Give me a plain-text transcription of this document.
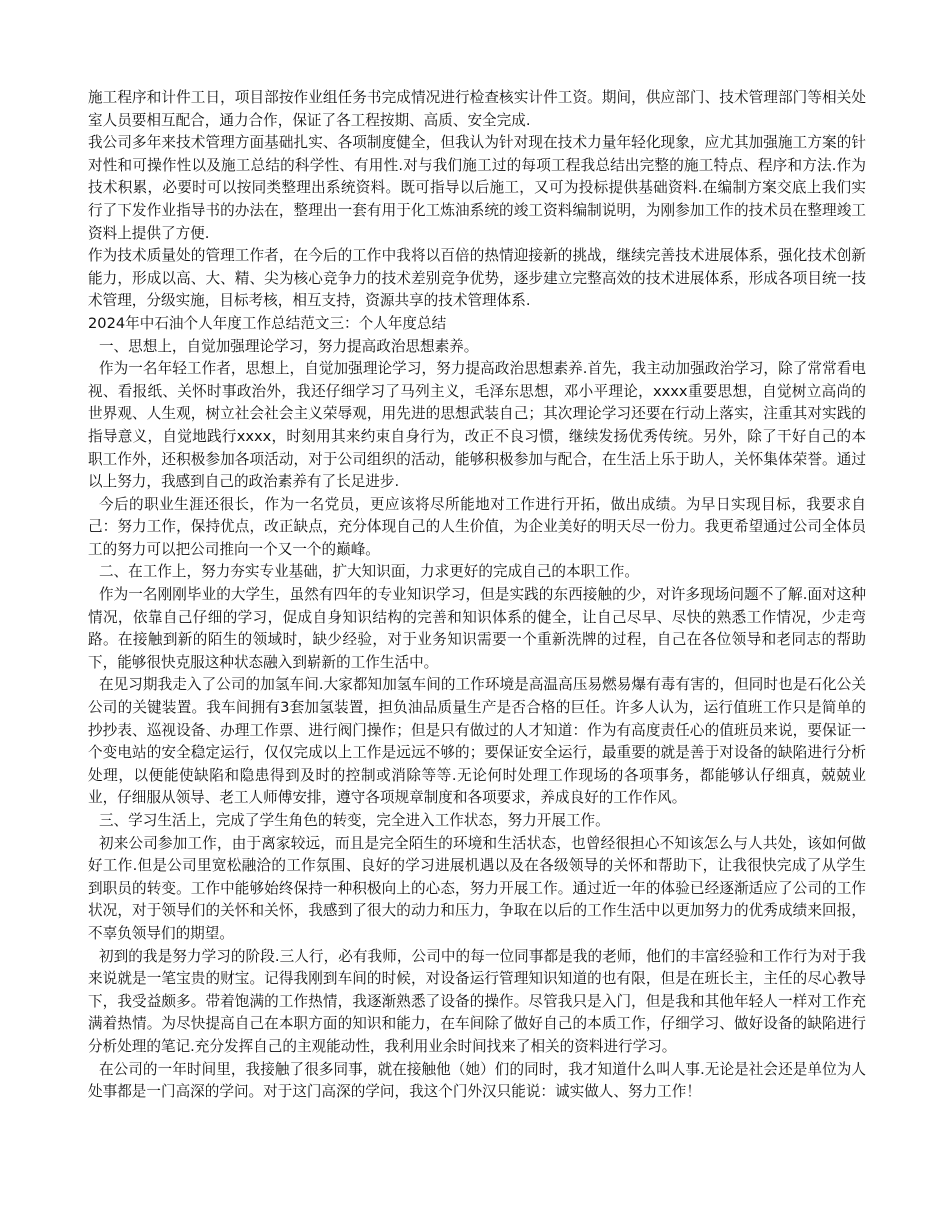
施工程序和计件工日，项目部按作业组任务书完成情况进行检查核实计件工资。期间，供应部门、技术管理部门等相关处室人员要相互配合，通力合作，保证了各工程按期、高质、安全完成.

我公司多年来技术管理方面基础扎实、各项制度健全，但我认为针对现在技术力量年轻化现象，应尤其加强施工方案的针对性和可操作性以及施工总结的科学性、有用性.对与我们施工过的每项工程我总结出完整的施工特点、程序和方法.作为技术积累，必要时可以按同类整理出系统资料。既可指导以后施工，又可为投标提供基础资料.在编制方案交底上我们实行了下发作业指导书的办法在，整理出一套有用于化工炼油系统的竣工资料编制说明，为刚参加工作的技术员在整理竣工资料上提供了方便.

作为技术质量处的管理工作者，在今后的工作中我将以百倍的热情迎接新的挑战，继续完善技术进展体系，强化技术创新能力，形成以高、大、精、尖为核心竞争力的技术差别竞争优势，逐步建立完整高效的技术进展体系，形成各项目统一技术管理，分级实施，目标考核，相互支持，资源共享的技术管理体系.

2024年中石油个人年度工作总结范文三：个人年度总结

一、思想上，自觉加强理论学习，努力提高政治思想素养。

作为一名年轻工作者，思想上，自觉加强理论学习，努力提高政治思想素养.首先，我主动加强政治学习，除了常常看电视、看报纸、关怀时事政治外，我还仔细学习了马列主义，毛泽东思想，邓小平理论，xxxx重要思想，自觉树立高尚的世界观、人生观，树立社会社会主义荣辱观，用先进的思想武装自己；其次理论学习还要在行动上落实，注重其对实践的指导意义，自觉地践行xxxx，时刻用其来约束自身行为，改正不良习惯，继续发扬优秀传统。另外，除了干好自己的本职工作外，还积极参加各项活动，对于公司组织的活动，能够积极参加与配合，在生活上乐于助人，关怀集体荣誉。通过以上努力，我感到自己的政治素养有了长足进步.

今后的职业生涯还很长，作为一名党员，更应该将尽所能地对工作进行开拓，做出成绩。为早日实现目标，我要求自己：努力工作，保持优点，改正缺点，充分体现自己的人生价值，为企业美好的明天尽一份力。我更希望通过公司全体员工的努力可以把公司推向一个又一个的巅峰。

二、在工作上，努力夯实专业基础，扩大知识面，力求更好的完成自己的本职工作。

作为一名刚刚毕业的大学生，虽然有四年的专业知识学习，但是实践的东西接触的少，对许多现场问题不了解.面对这种情况，依靠自己仔细的学习，促成自身知识结构的完善和知识体系的健全，让自己尽早、尽快的熟悉工作情况，少走弯路。在接触到新的陌生的领域时，缺少经验，对于业务知识需要一个重新洗牌的过程，自己在各位领导和老同志的帮助下，能够很快克服这种状态融入到崭新的工作生活中。

在见习期我走入了公司的加氢车间.大家都知加氢车间的工作环境是高温高压易燃易爆有毒有害的，但同时也是石化公关公司的关键装置。我车间拥有3套加氢装置，担负油品质量生产是否合格的巨任。许多人认为，运行值班工作只是简单的抄抄表、巡视设备、办理工作票、进行阀门操作；但是只有做过的人才知道：作为有高度责任心的值班员来说，要保证一个变电站的安全稳定运行，仅仅完成以上工作是远远不够的；要保证安全运行，最重要的就是善于对设备的缺陷进行分析处理，以便能使缺陷和隐患得到及时的控制或消除等等.无论何时处理工作现场的各项事务，都能够认仔细真，兢兢业业，仔细服从领导、老工人师傅安排，遵守各项规章制度和各项要求，养成良好的工作作风。

三、学习生活上，完成了学生角色的转变，完全进入工作状态，努力开展工作。

初来公司参加工作，由于离家较远，而且是完全陌生的环境和生活状态，也曾经很担心不知该怎么与人共处，该如何做好工作.但是公司里宽松融洽的工作氛围、良好的学习进展机遇以及在各级领导的关怀和帮助下，让我很快完成了从学生到职员的转变。工作中能够始终保持一种积极向上的心态，努力开展工作。通过近一年的体验已经逐渐适应了公司的工作状况，对于领导们的关怀和关怀，我感到了很大的动力和压力，争取在以后的工作生活中以更加努力的优秀成绩来回报，不辜负领导们的期望。

初到的我是努力学习的阶段.三人行，必有我师，公司中的每一位同事都是我的老师，他们的丰富经验和工作行为对于我来说就是一笔宝贵的财宝。记得我刚到车间的时候，对设备运行管理知识知道的也有限，但是在班长主，主任的尽心教导下，我受益颇多。带着饱满的工作热情，我逐渐熟悉了设备的操作。尽管我只是入门，但是我和其他年轻人一样对工作充满着热情。为尽快提高自己在本职方面的知识和能力，在车间除了做好自己的本质工作，仔细学习、做好设备的缺陷进行分析处理的笔记.充分发挥自己的主观能动性，我利用业余时间找来了相关的资料进行学习。

在公司的一年时间里，我接触了很多同事，就在接触他（她）们的同时，我才知道什么叫人事.无论是社会还是单位为人处事都是一门高深的学问。对于这门高深的学问，我这个门外汉只能说：诚实做人、努力工作！
